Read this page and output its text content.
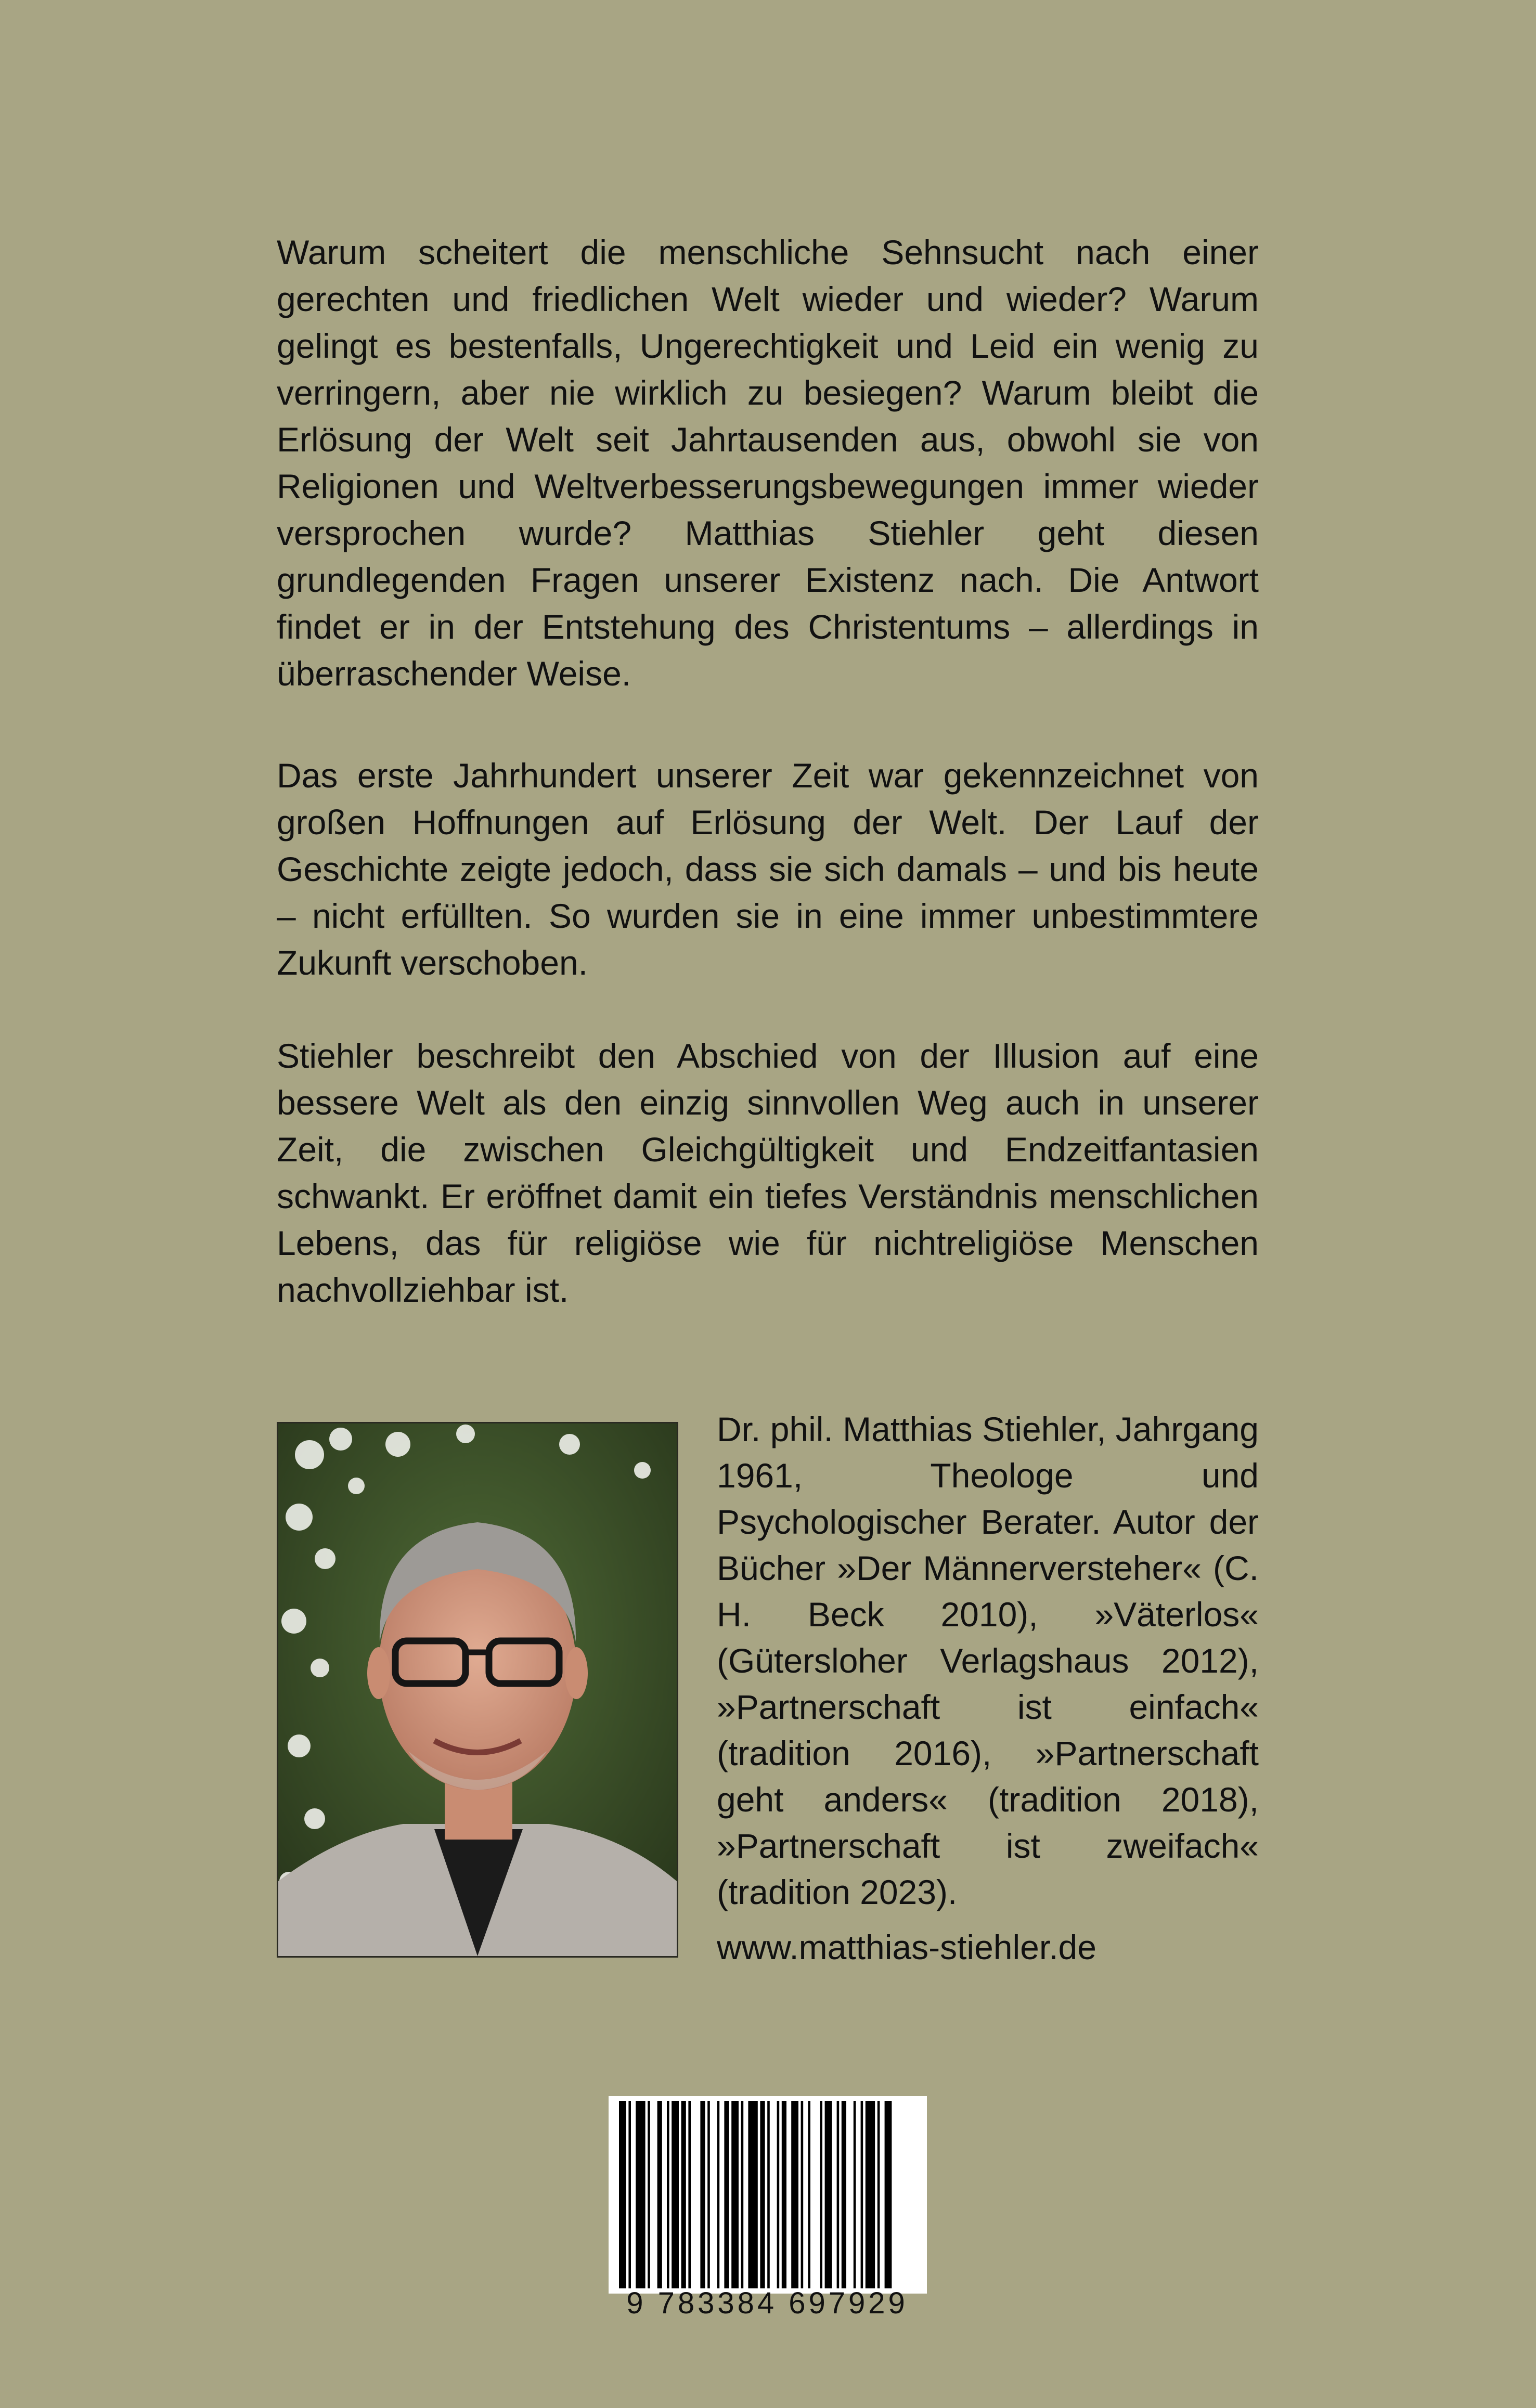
Warum scheitert die menschliche Sehnsucht nach einer gerechten und friedlichen Welt wieder und wieder? Warum gelingt es bestenfalls, Ungerechtigkeit und Leid ein wenig zu verringern, aber nie wirklich zu besiegen? Warum bleibt die Erlösung der Welt seit Jahrtausenden aus, obwohl sie von Religionen und Weltverbesserungsbewegungen immer wieder versprochen wurde? Matthias Stiehler geht diesen grundlegenden Fragen unserer Existenz nach. Die Antwort findet er in der Entstehung des Christentums – allerdings in überraschender Weise.

Das erste Jahrhundert unserer Zeit war gekennzeichnet von großen Hoffnungen auf Erlösung der Welt. Der Lauf der Geschichte zeigte jedoch, dass sie sich damals – und bis heute – nicht erfüllten. So wurden sie in eine immer unbestimmtere Zukunft verschoben.

Stiehler beschreibt den Abschied von der Illusion auf eine bessere Welt als den einzig sinnvollen Weg auch in unserer Zeit, die zwischen Gleichgültigkeit und Endzeitfantasien schwankt. Er eröffnet damit ein tiefes Verständnis menschlichen Lebens, das für religiöse wie für nichtreligiöse Menschen nachvollziehbar ist.

Dr. phil. Matthias Stiehler, Jahrgang 1961, Theologe und Psychologischer Berater. Autor der Bücher »Der Männerversteher« (C. H. Beck 2010), »Väterlos« (Gütersloher Verlagshaus 2012), »Partnerschaft ist einfach« (tradition 2016), »Partnerschaft geht anders« (tradition 2018), »Partnerschaft ist zweifach« (tradition 2023).

www.matthias-stiehler.de

9 783384 697929
